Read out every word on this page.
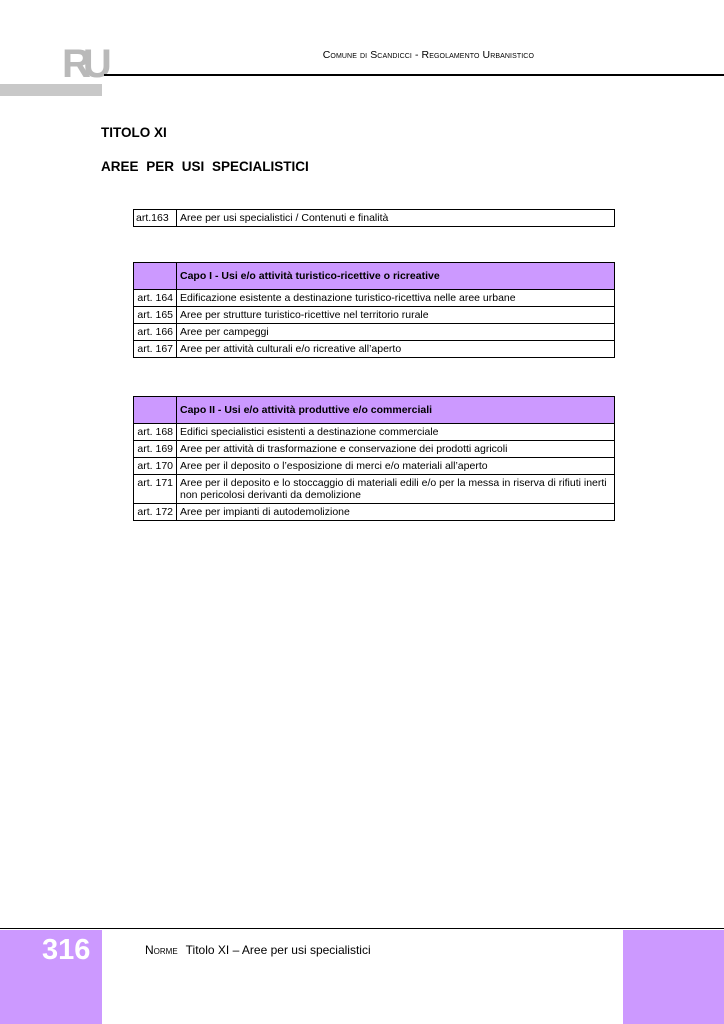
RU	Comune di Scandicci - Regolamento Urbanistico
TITOLO XI
AREE PER USI SPECIALISTICI
art.163	Aree per usi specialistici / Contenuti e finalità
	Capo I - Usi e/o attività turistico-ricettive o ricreative
art. 164	Edificazione esistente a destinazione turistico-ricettiva nelle aree urbane
art. 165	Aree per strutture turistico-ricettive nel territorio rurale
art. 166	Aree per campeggi
art. 167	Aree per attività culturali e/o ricreative all’aperto
	Capo II - Usi e/o attività produttive e/o commerciali
art. 168	Edifici specialistici esistenti a destinazione commerciale
art. 169	Aree per attività di trasformazione e conservazione dei prodotti agricoli
art. 170	Aree per il deposito o l’esposizione di merci e/o materiali all’aperto
art. 171	Aree per il deposito e lo stoccaggio di materiali edili e/o per la messa in riserva di rifiuti inerti non pericolosi derivanti da demolizione
art. 172	Aree per impianti di autodemolizione
316	Norme Titolo XI – Aree per usi specialistici
